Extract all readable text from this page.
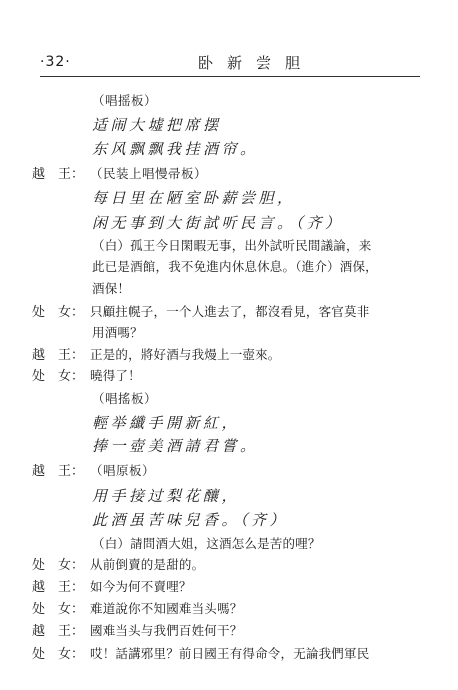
·32·	卧新尝胆
（唱摇板）
适闹大墟把席摆
东风飘飘我挂酒帘。
越　王： （民装上唱慢帚板）
每日里在陋室卧薪尝胆，
闲无事到大街試听民言。（齐）
（白）孤王今日閑暇无事，出外試听民間議論，来
此已是酒館，我不免進内休息休息。（進介）酒保，
酒保！
处　女： 只顧拄幌子，一个人進去了，都沒看見，客官莫非
用酒嗎？
越　王： 正是的，將好酒与我熳上一壺來。
处　女： 曉得了！
（唱搖板）
輕举纖手開新紅，
捧一壺美酒請君嘗。
越　王： （唱原板）
用手接过梨花釀，
此酒虽苦味兒香。（齐）
（白）請問酒大姐，这酒怎么是苦的哩？
处　女： 从前倒賣的是甜的。
越　王： 如今为何不賣哩？
处　女： 难道說你不知國难当头嗎？
越　王： 國难当头与我們百姓何干？
处　女： 哎！話講邪里？前日國王有得命令，无論我們軍民
